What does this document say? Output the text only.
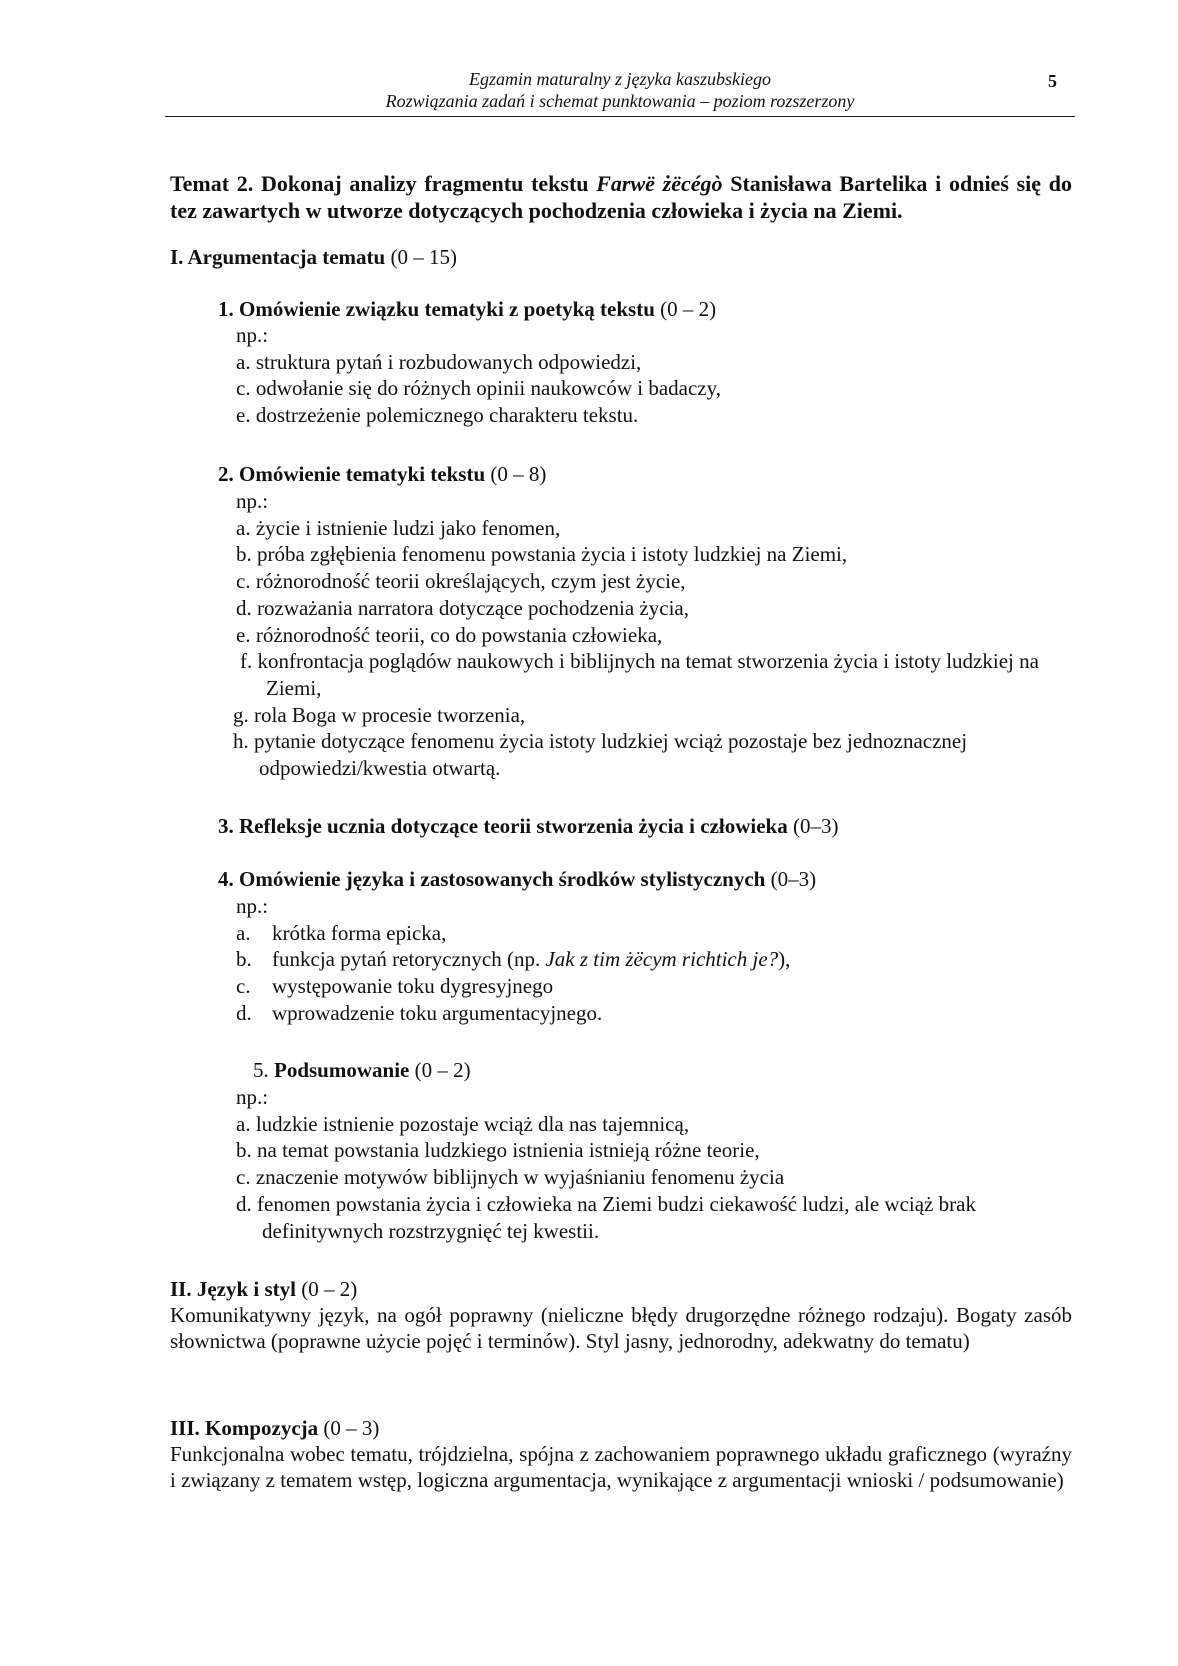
Egzamin maturalny z języka kaszubskiego
Rozwiązania zadań i schemat punktowania – poziom rozszerzony
5
Temat 2. Dokonaj analizy fragmentu tekstu Farwë żëcégò Stanisława Bartelika i odnieś się do tez zawartych w utworze dotyczących pochodzenia człowieka i życia na Ziemi.
I. Argumentacja tematu (0 – 15)
1. Omówienie związku tematyki z poetyką tekstu (0 – 2)
np.:
a. struktura pytań i rozbudowanych odpowiedzi,
c. odwołanie się do różnych opinii naukowców i badaczy,
e. dostrzeżenie polemicznego charakteru tekstu.
2. Omówienie tematyki tekstu (0 – 8)
np.:
a. życie i istnienie ludzi jako fenomen,
b. próba zgłębienia fenomenu powstania życia i istoty ludzkiej na Ziemi,
c. różnorodność teorii określających, czym jest życie,
d. rozważania narratora dotyczące pochodzenia życia,
e. różnorodność teorii, co do powstania człowieka,
f. konfrontacja poglądów naukowych i biblijnych na temat stworzenia życia i istoty ludzkiej na Ziemi,
g. rola Boga w procesie tworzenia,
h. pytanie dotyczące fenomenu życia istoty ludzkiej wciąż pozostaje bez jednoznacznej odpowiedzi/kwestia otwartą.
3. Refleksje ucznia dotyczące teorii stworzenia życia i człowieka (0–3)
4. Omówienie języka i zastosowanych środków stylistycznych (0–3)
np.:
a. krótka forma epicka,
b. funkcja pytań retorycznych (np. Jak z tim żëcym richtich je?),
c. występowanie toku dygresyjnego
d. wprowadzenie toku argumentacyjnego.
5. Podsumowanie (0 – 2)
np.:
a. ludzkie istnienie pozostaje wciąż dla nas tajemnicą,
b. na temat powstania ludzkiego istnienia istnieją różne teorie,
c. znaczenie motywów biblijnych w wyjaśnianiu fenomenu życia
d. fenomen powstania życia i człowieka na Ziemi budzi ciekawość ludzi, ale wciąż brak definitywnych rozstrzygnięć tej kwestii.
II. Język i styl (0 – 2)
Komunikatywny język, na ogół poprawny (nieliczne błędy drugorzędne różnego rodzaju). Bogaty zasób słownictwa (poprawne użycie pojęć i terminów). Styl jasny, jednorodny, adekwatny do tematu)
III. Kompozycja (0 – 3)
Funkcjonalna wobec tematu, trójdzielna, spójna z zachowaniem poprawnego układu graficznego (wyraźny i związany z tematem wstęp, logiczna argumentacja, wynikające z argumentacji wnioski / podsumowanie)
